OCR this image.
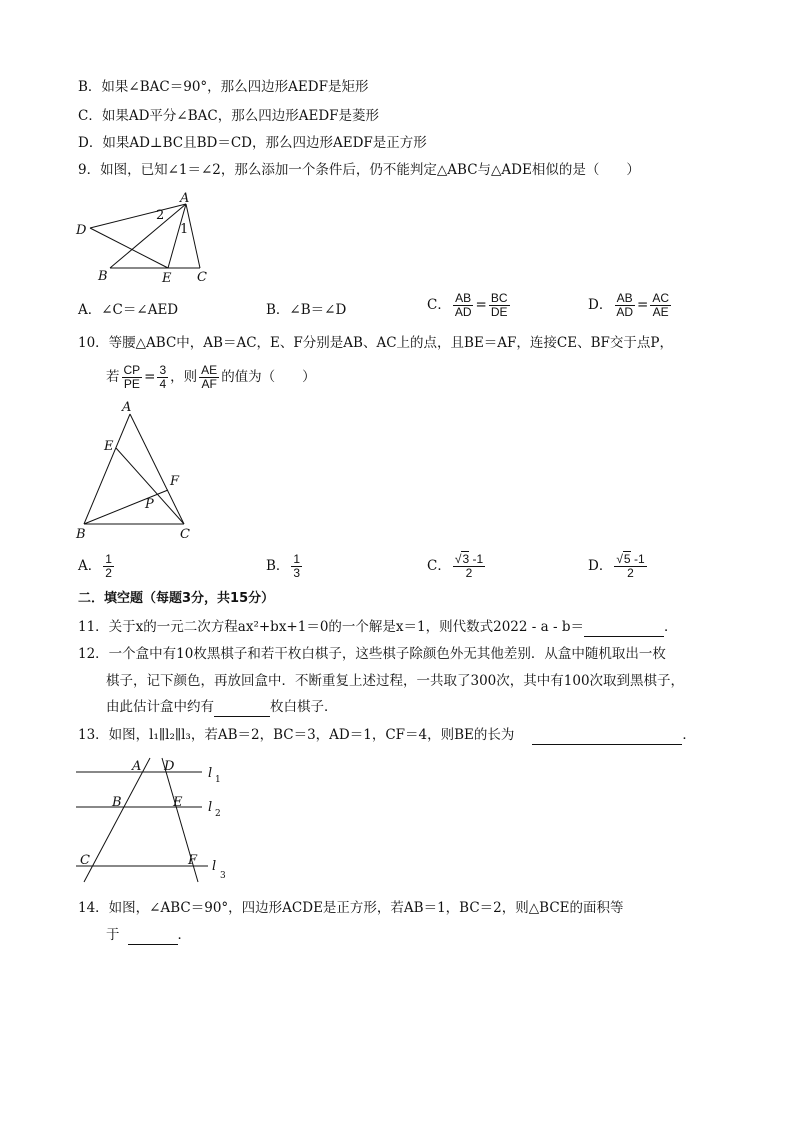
B．如果∠BAC＝90°，那么四边形AEDF是矩形
C．如果AD平分∠BAC，那么四边形AEDF是菱形
D．如果AD⊥BC且BD＝CD，那么四边形AEDF是正方形
9．如图，已知∠1＝∠2，那么添加一个条件后，仍不能判定△ABC与△ADE相似的是（　　）
A
D
B	E C
2
1
A．∠C＝∠AED	B．∠B＝∠D	C． $\frac{AB}{AD} = \frac{BC}{DE}$	D． $\frac{AB}{AD} = \frac{AC}{AE}$
10．等腰△ABC中，AB＝AC，E、F分别是AB、AC上的点，且BE＝AF，连接CE、BF交于点P，
若 $\frac{CP}{PE} = \frac{3}{4}$ ，则 $\frac{AE}{AF}$ 的值为（　　）
A
E
F
P
B	C
A． $\frac{1}{2}$	B． $\frac{1}{3}$	C． $\frac{√3 -1}{2}$	D． $\frac{√5 -1}{2}$
二．填空题（每题3分，共15分）
11．关于x的一元二次方程ax²+bx+1＝0的一个解是x＝1，则代数式2022 - a - b＝	．
12．一个盒中有10枚黑棋子和若干枚白棋子，这些棋子除颜色外无其他差别．从盒中随机取出一枚
棋子，记下颜色，再放回盒中．不断重复上述过程，一共取了300次，其中有100次取到黑棋子，
由此估计盒中约有	枚白棋子．
13．如图，l₁∥l₂∥l₃，若AB＝2，BC＝3，AD＝1，CF＝4，则BE的长为	．
A D
B	E
C	F
l 1
l 2
l
3
14．如图，∠ABC＝90°，四边形ACDE是正方形，若AB＝1，BC＝2，则△BCE的面积等
于	．
